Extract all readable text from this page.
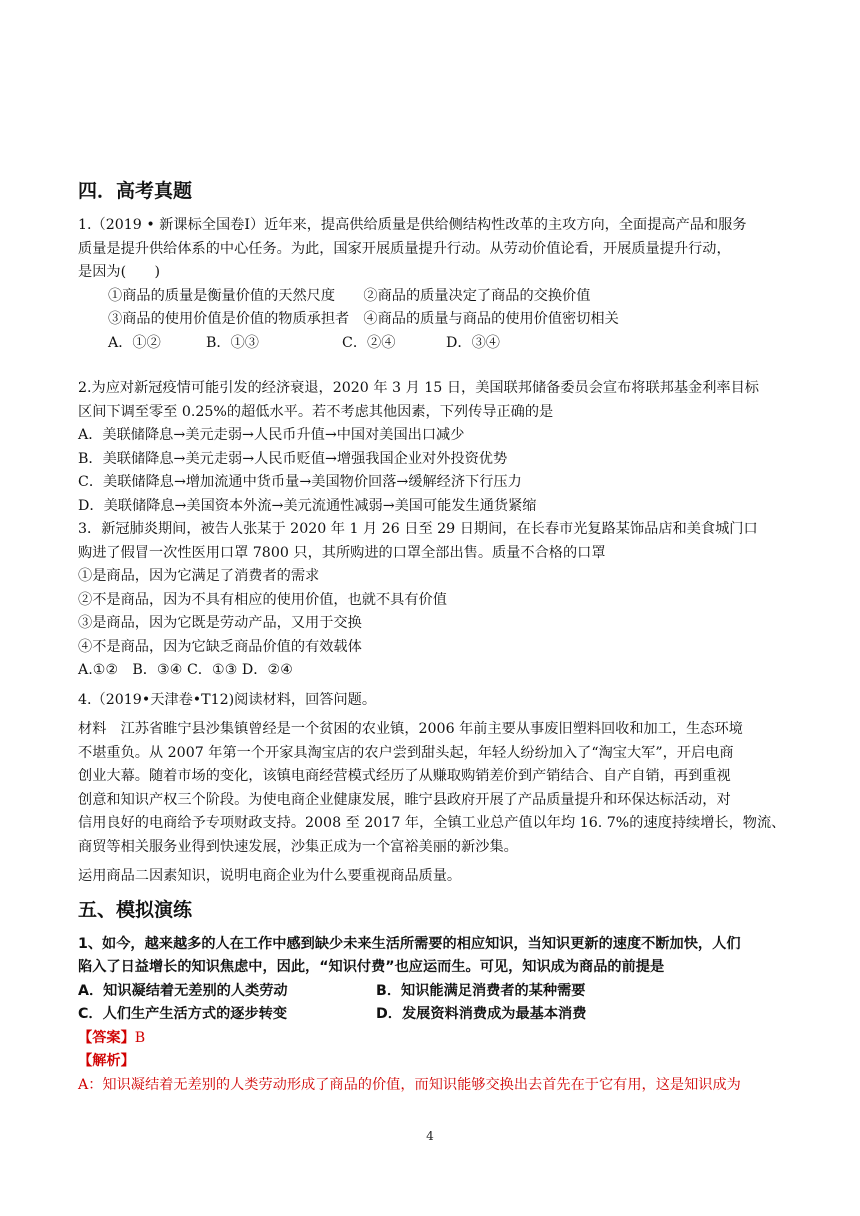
四．高考真题
1.（2019 • 新课标全国卷Ⅰ）近年来，提高供给质量是供给侧结构性改革的主攻方向，全面提高产品和服务
质量是提升供给体系的中心任务。为此，国家开展质量提升行动。从劳动价值论看，开展质量提升行动，
是因为(　　)
①商品的质量是衡量价值的天然尺度　　②商品的质量决定了商品的交换价值
③商品的使用价值是价值的物质承担者　④商品的质量与商品的使用价值密切相关
A．①②	B．①③	C．②④	D．③④
2.为应对新冠疫情可能引发的经济衰退，2020 年 3 月 15 日，美国联邦储备委员会宣布将联邦基金利率目标
区间下调至零至 0.25%的超低水平。若不考虑其他因素，下列传导正确的是
A．美联储降息→美元走弱→人民币升值→中国对美国出口减少
B．美联储降息→美元走弱→人民币贬值→增强我国企业对外投资优势
C．美联储降息→增加流通中货币量→美国物价回落→缓解经济下行压力
D．美联储降息→美国资本外流→美元流通性减弱→美国可能发生通货紧缩
3．新冠肺炎期间，被告人张某于 2020 年 1 月 26 日至 29 日期间，在长春市光复路某饰品店和美食城门口
购进了假冒一次性医用口罩 7800 只，其所购进的口罩全部出售。质量不合格的口罩
①是商品，因为它满足了消费者的需求
②不是商品，因为不具有相应的使用价值，也就不具有价值
③是商品，因为它既是劳动产品，又用于交换
④不是商品，因为它缺乏商品价值的有效载体
A.①②　B．③④ C．①③ D．②④
4.（2019•天津卷•T12)阅读材料，回答问题。
材料　江苏省睢宁县沙集镇曾经是一个贫困的农业镇，2006 年前主要从事废旧塑料回收和加工，生态环境
不堪重负。从 2007 年第一个开家具淘宝店的农户尝到甜头起，年轻人纷纷加入了“淘宝大军”，开启电商
创业大幕。随着市场的变化，该镇电商经营模式经历了从赚取购销差价到产销结合、自产自销，再到重视
创意和知识产权三个阶段。为使电商企业健康发展，睢宁县政府开展了产品质量提升和环保达标活动，对
信用良好的电商给予专项财政支持。2008 至 2017 年，全镇工业总产值以年均 16. 7%的速度持续增长，物流、
商贸等相关服务业得到快速发展，沙集正成为一个富裕美丽的新沙集。
运用商品二因素知识，说明电商企业为什么要重视商品质量。
五、模拟演练
1、如今，越来越多的人在工作中感到缺少未来生活所需要的相应知识，当知识更新的速度不断加快，人们
陷入了日益增长的知识焦虑中，因此，“知识付费”也应运而生。可见，知识成为商品的前提是
A．知识凝结着无差别的人类劳动	B．知识能满足消费者的某种需要
C．人们生产生活方式的逐步转变	D．发展资料消费成为最基本消费
【答案】B
【解析】
A：知识凝结着无差别的人类劳动形成了商品的价值，而知识能够交换出去首先在于它有用，这是知识成为
4
